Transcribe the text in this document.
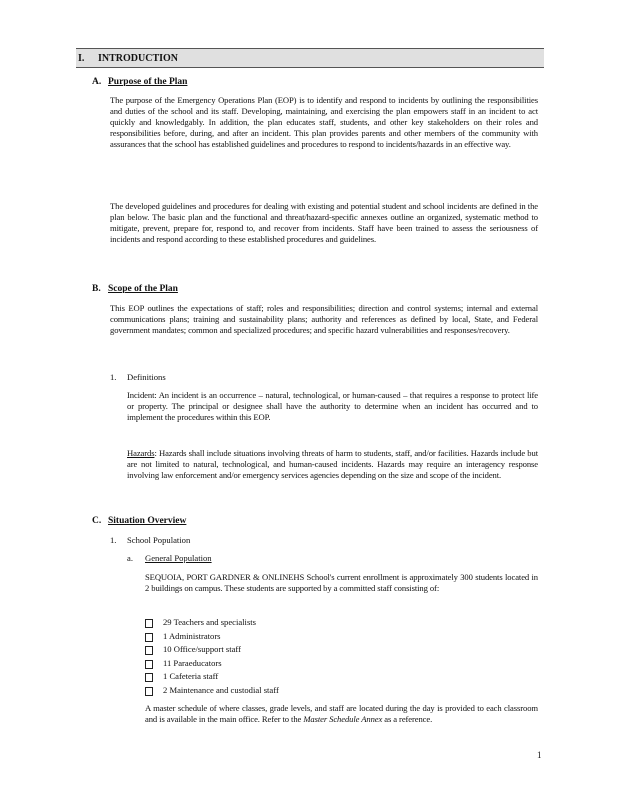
I. INTRODUCTION
A. Purpose of the Plan

The purpose of the Emergency Operations Plan (EOP) is to identify and respond to incidents by outlining the responsibilities and duties of the school and its staff. Developing, maintaining, and exercising the plan empowers staff in an incident to act quickly and knowledgably. In addition, the plan educates staff, students, and other key stakeholders on their roles and responsibilities before, during, and after an incident. This plan provides parents and other members of the community with assurances that the school has established guidelines and procedures to respond to incidents/hazards in an effective way.

The developed guidelines and procedures for dealing with existing and potential student and school incidents are defined in the plan below. The basic plan and the functional and threat/hazard-specific annexes outline an organized, systematic method to mitigate, prevent, prepare for, respond to, and recover from incidents. Staff have been trained to assess the seriousness of incidents and respond according to these established procedures and guidelines.

B. Scope of the Plan

This EOP outlines the expectations of staff; roles and responsibilities; direction and control systems; internal and external communications plans; training and sustainability plans; authority and references as defined by local, State, and Federal government mandates; common and specialized procedures; and specific hazard vulnerabilities and responses/recovery.

1. Definitions

Incident: An incident is an occurrence – natural, technological, or human-caused – that requires a response to protect life or property. The principal or designee shall have the authority to determine when an incident has occurred and to implement the procedures within this EOP.

Hazards: Hazards shall include situations involving threats of harm to students, staff, and/or facilities. Hazards include but are not limited to natural, technological, and human-caused incidents. Hazards may require an interagency response involving law enforcement and/or emergency services agencies depending on the size and scope of the incident.

C. Situation Overview
1. School Population
a. General Population

SEQUOIA, PORT GARDNER & ONLINEHS School's current enrollment is approximately 300 students located in 2 buildings on campus. These students are supported by a committed staff consisting of:

29 Teachers and specialists
1 Administrators
10 Office/support staff
11 Paraeducators
1 Cafeteria staff
2 Maintenance and custodial staff

A master schedule of where classes, grade levels, and staff are located during the day is provided to each classroom and is available in the main office. Refer to the Master Schedule Annex as a reference.

1
